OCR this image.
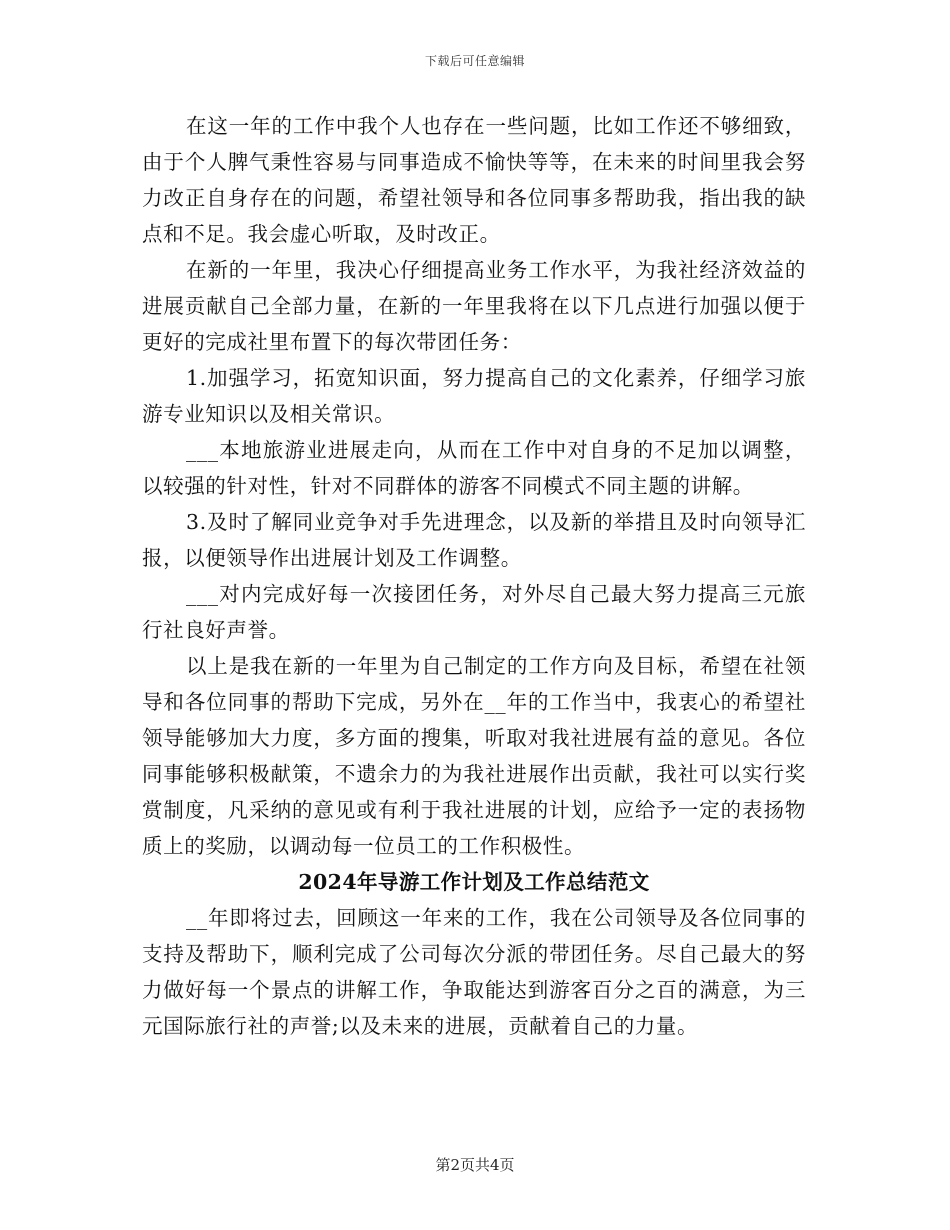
下载后可任意编辑

在这一年的工作中我个人也存在一些问题，比如工作还不够细致，由于个人脾气秉性容易与同事造成不愉快等等，在未来的时间里我会努力改正自身存在的问题，希望社领导和各位同事多帮助我，指出我的缺点和不足。我会虚心听取，及时改正。

在新的一年里，我决心仔细提高业务工作水平，为我社经济效益的进展贡献自己全部力量，在新的一年里我将在以下几点进行加强以便于更好的完成社里布置下的每次带团任务：

1.加强学习，拓宽知识面，努力提高自己的文化素养，仔细学习旅游专业知识以及相关常识。

___本地旅游业进展走向，从而在工作中对自身的不足加以调整，以较强的针对性，针对不同群体的游客不同模式不同主题的讲解。

3.及时了解同业竞争对手先进理念，以及新的举措且及时向领导汇报，以便领导作出进展计划及工作调整。

___对内完成好每一次接团任务，对外尽自己最大努力提高三元旅行社良好声誉。

以上是我在新的一年里为自己制定的工作方向及目标，希望在社领导和各位同事的帮助下完成，另外在__年的工作当中，我衷心的希望社领导能够加大力度，多方面的搜集，听取对我社进展有益的意见。各位同事能够积极献策，不遗余力的为我社进展作出贡献，我社可以实行奖赏制度，凡采纳的意见或有利于我社进展的计划，应给予一定的表扬物质上的奖励，以调动每一位员工的工作积极性。

2024年导游工作计划及工作总结范文

__年即将过去，回顾这一年来的工作，我在公司领导及各位同事的支持及帮助下，顺利完成了公司每次分派的带团任务。尽自己最大的努力做好每一个景点的讲解工作，争取能达到游客百分之百的满意，为三元国际旅行社的声誉;以及未来的进展，贡献着自己的力量。

第2页共4页
